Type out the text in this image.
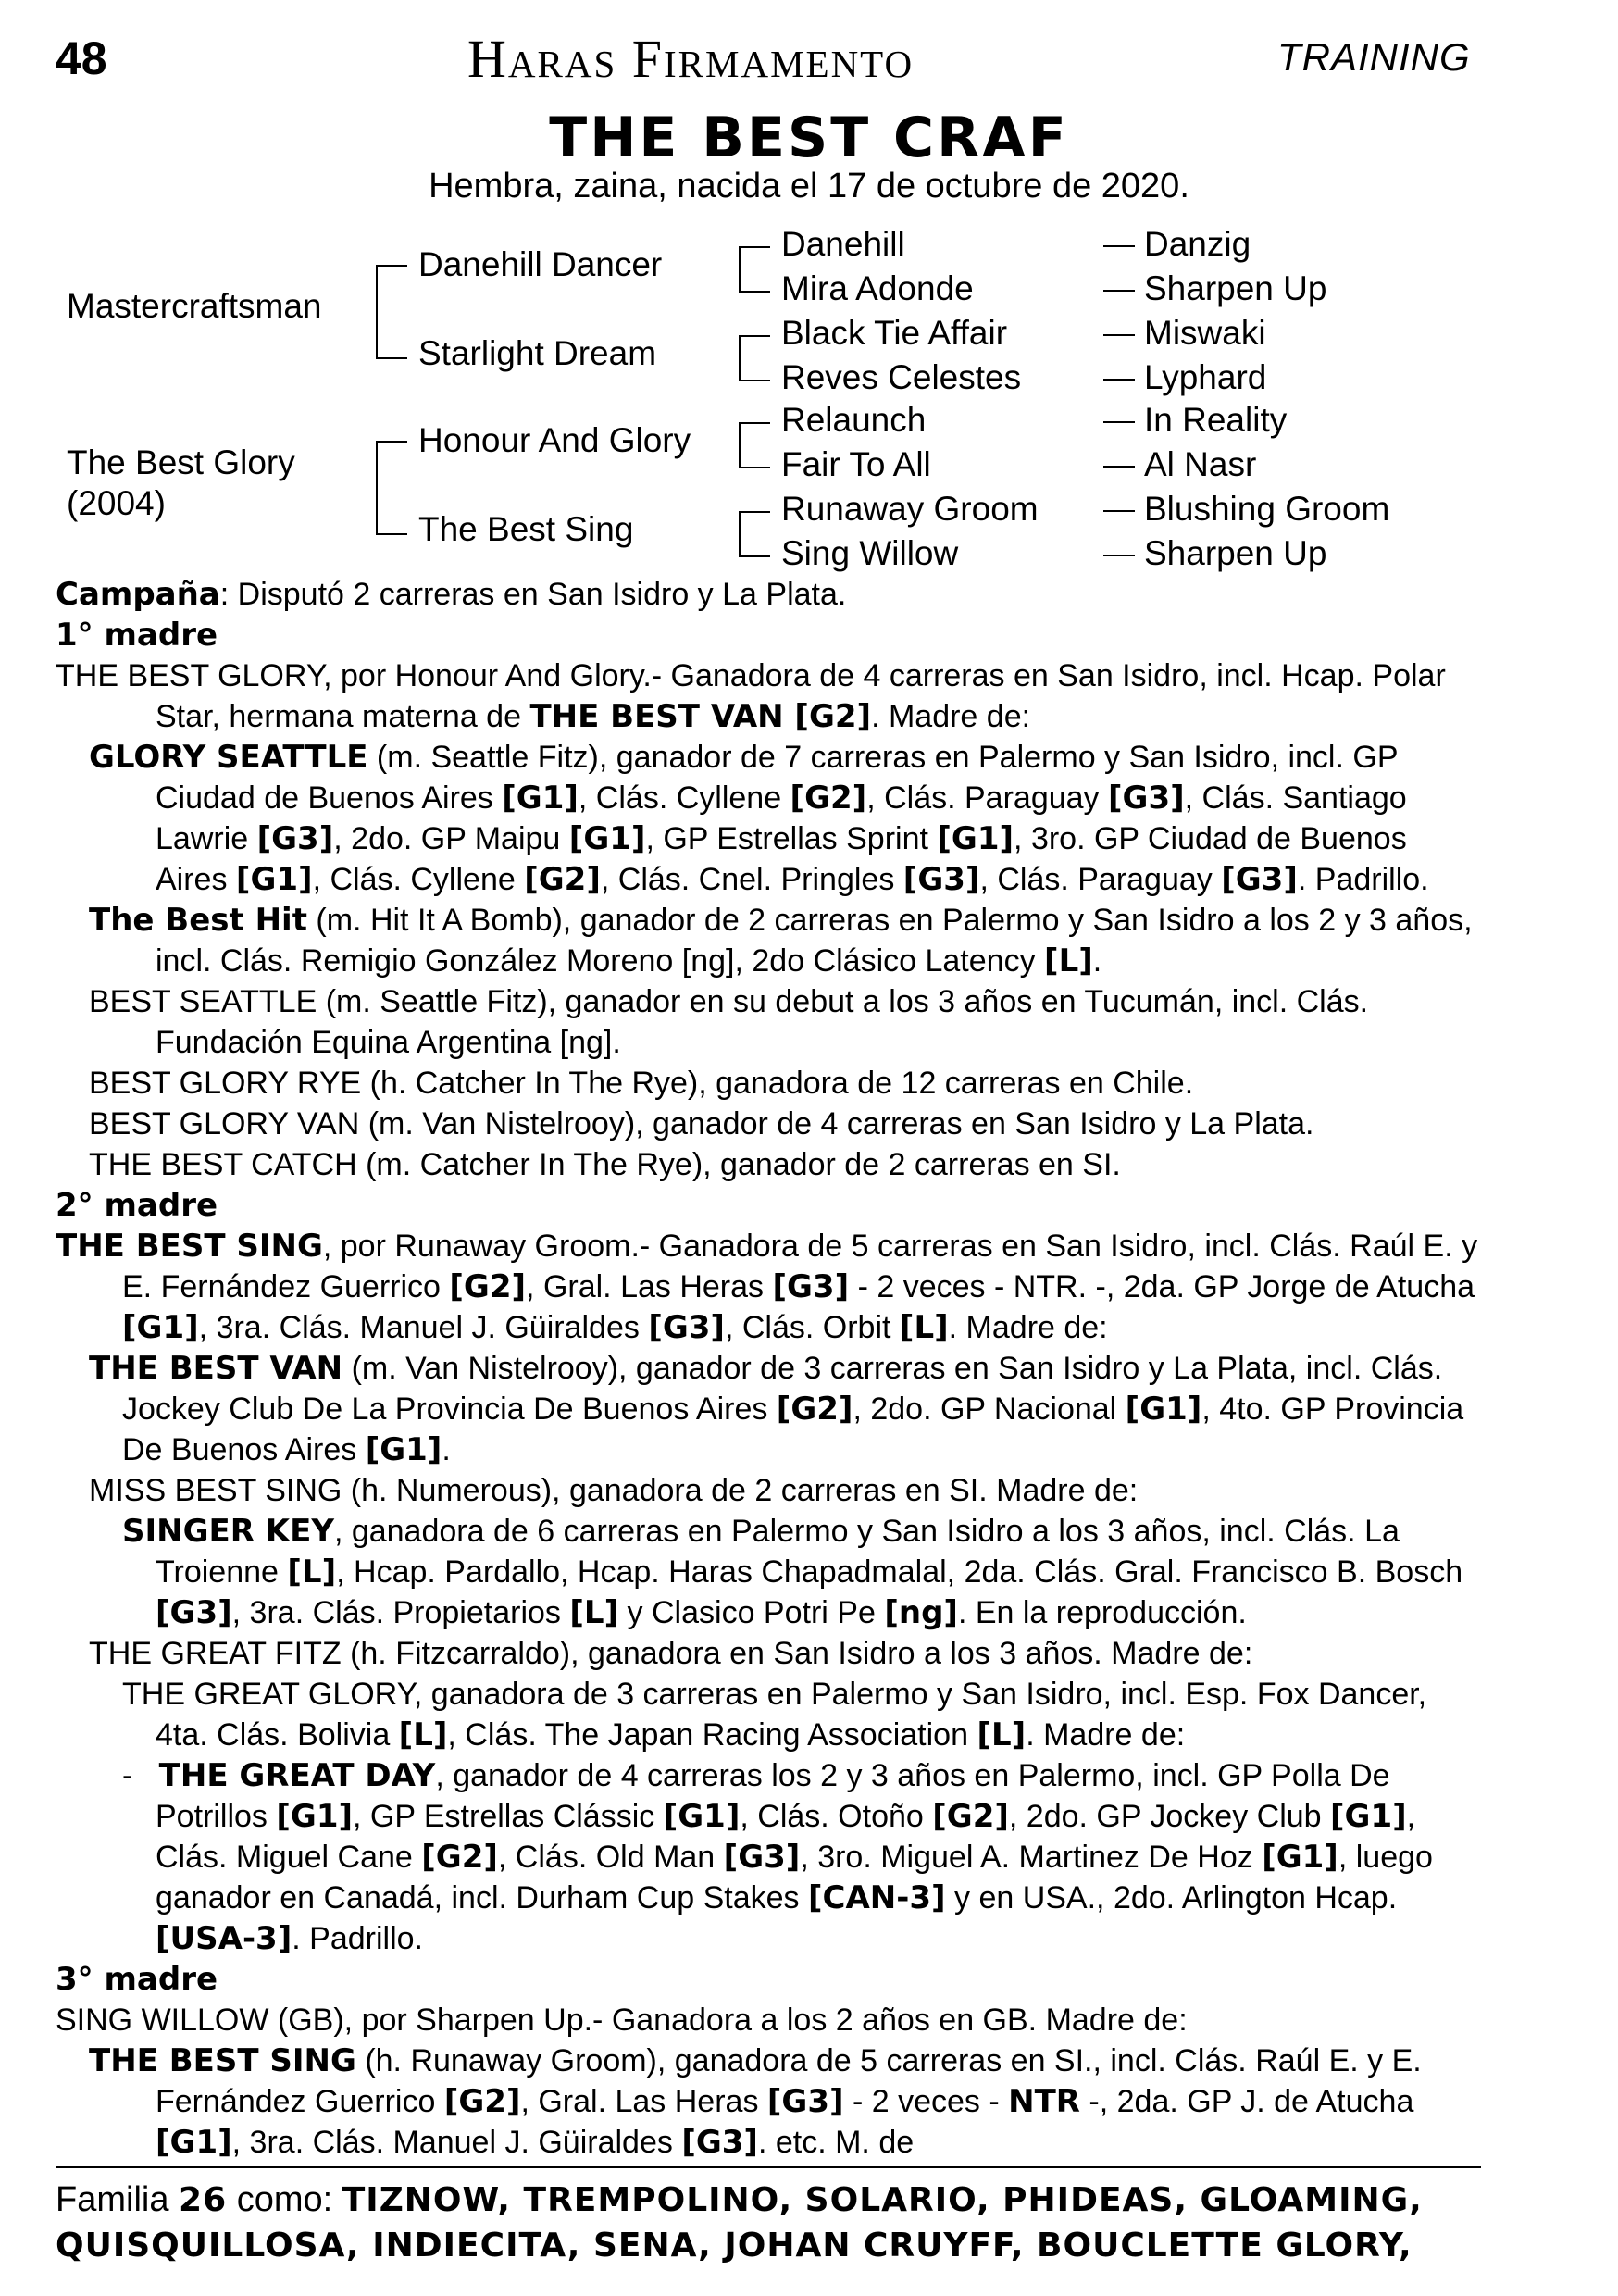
48	Haras Firmamento	TRAINING
THE BEST CRAF
Hembra, zaina, nacida el 17 de octubre de 2020.
Mastercraftsman
The Best Glory
(2004)
Danehill Dancer
Starlight Dream
Honour And Glory
The Best Sing
Danehill
Mira Adonde
Black Tie Affair
Reves Celestes
Relaunch
Fair To All
Runaway Groom
Sing Willow
Danzig
Sharpen Up
Miswaki
Lyphard
In Reality
Al Nasr
Blushing Groom
Sharpen Up

Campaña: Disputó 2 carreras en San Isidro y La Plata.

1° madre

THE BEST GLORY, por Honour And Glory.- Ganadora de 4 carreras en San Isidro, incl. Hcap. Polar Star, hermana materna de THE BEST VAN [G2]. Madre de:

GLORY SEATTLE (m. Seattle Fitz), ganador de 7 carreras en Palermo y San Isidro, incl. GP Ciudad de Buenos Aires [G1], Clás. Cyllene [G2], Clás. Paraguay [G3], Clás. Santiago Lawrie [G3], 2do. GP Maipu [G1], GP Estrellas Sprint [G1], 3ro. GP Ciudad de Buenos Aires [G1], Clás. Cyllene [G2], Clás. Cnel. Pringles [G3], Clás. Paraguay [G3]. Padrillo.

The Best Hit (m. Hit It A Bomb), ganador de 2 carreras en Palermo y San Isidro a los 2 y 3 años, incl. Clás. Remigio González Moreno [ng], 2do Clásico Latency [L].

BEST SEATTLE (m. Seattle Fitz), ganador en su debut a los 3 años en Tucumán, incl. Clás. Fundación Equina Argentina [ng].

BEST GLORY RYE (h. Catcher In The Rye), ganadora de 12 carreras en Chile.

BEST GLORY VAN (m. Van Nistelrooy), ganador de 4 carreras en San Isidro y La Plata.

THE BEST CATCH (m. Catcher In The Rye), ganador de 2 carreras en SI.

2° madre

THE BEST SING, por Runaway Groom.- Ganadora de 5 carreras en San Isidro, incl. Clás. Raúl E. y E. Fernández Guerrico [G2], Gral. Las Heras [G3] - 2 veces - NTR. -, 2da. GP Jorge de Atucha [G1], 3ra. Clás. Manuel J. Güiraldes [G3], Clás. Orbit [L]. Madre de:

THE BEST VAN (m. Van Nistelrooy), ganador de 3 carreras en San Isidro y La Plata, incl. Clás. Jockey Club De La Provincia De Buenos Aires [G2], 2do. GP Nacional [G1], 4to. GP Provincia De Buenos Aires [G1].

MISS BEST SING (h. Numerous), ganadora de 2 carreras en SI. Madre de:

SINGER KEY, ganadora de 6 carreras en Palermo y San Isidro a los 3 años, incl. Clás. La Troienne [L], Hcap. Pardallo, Hcap. Haras Chapadmalal, 2da. Clás. Gral. Francisco B. Bosch [G3], 3ra. Clás. Propietarios [L] y Clasico Potri Pe [ng]. En la reproducción.

THE GREAT FITZ (h. Fitzcarraldo), ganadora en San Isidro a los 3 años. Madre de:

THE GREAT GLORY, ganadora de 3 carreras en Palermo y San Isidro, incl. Esp. Fox Dancer, 4ta. Clás. Bolivia [L], Clás. The Japan Racing Association [L]. Madre de:

- THE GREAT DAY, ganador de 4 carreras los 2 y 3 años en Palermo, incl. GP Polla De Potrillos [G1], GP Estrellas Clássic [G1], Clás. Otoño [G2], 2do. GP Jockey Club [G1], Clás. Miguel Cane [G2], Clás. Old Man [G3], 3ro. Miguel A. Martinez De Hoz [G1], luego ganador en Canadá, incl. Durham Cup Stakes [CAN-3] y en USA., 2do. Arlington Hcap. [USA-3]. Padrillo.

3° madre

SING WILLOW (GB), por Sharpen Up.- Ganadora a los 2 años en GB. Madre de:

THE BEST SING (h. Runaway Groom), ganadora de 5 carreras en SI., incl. Clás. Raúl E. y E. Fernández Guerrico [G2], Gral. Las Heras [G3] - 2 veces - NTR -, 2da. GP J. de Atucha [G1], 3ra. Clás. Manuel J. Güiraldes [G3]. etc. M. de

Familia 26 como: TIZNOW, TREMPOLINO, SOLARIO, PHIDEAS, GLOAMING,
QUISQUILLOSA, INDIECITA, SENA, JOHAN CRUYFF, BOUCLETTE GLORY,
